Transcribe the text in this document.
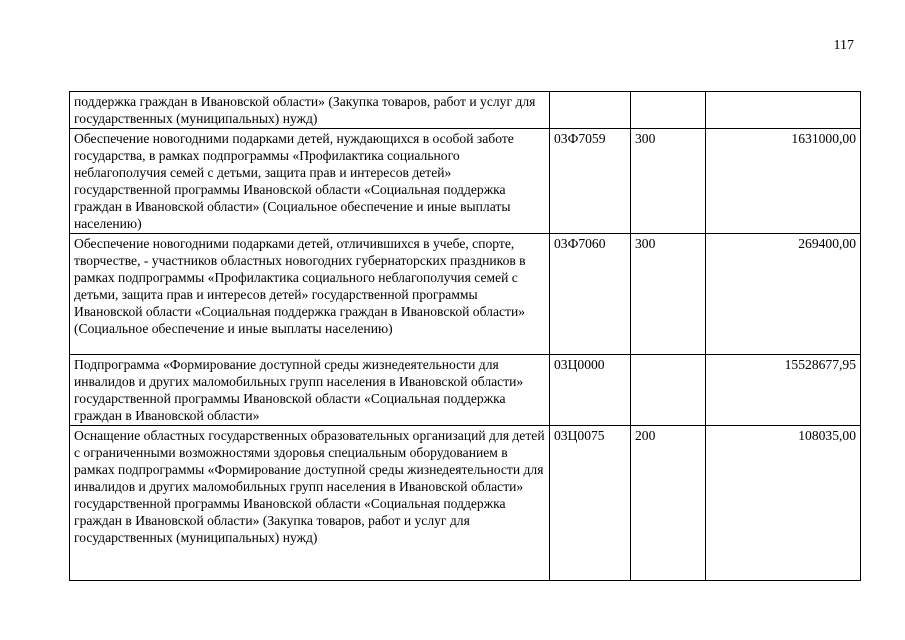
117
поддержка граждан в Ивановской области» (Закупка товаров, работ и услуг для государственных (муниципальных) нужд)			
Обеспечение новогодними подарками детей, нуждающихся в особой заботе государства, в рамках подпрограммы «Профилактика социального неблагополучия семей с детьми, защита прав и интересов детей» государственной программы Ивановской области «Социальная поддержка граждан в Ивановской области» (Социальное обеспечение и иные выплаты населению)	03Ф7059	300	1631000,00
Обеспечение новогодними подарками детей, отличившихся в учебе, спорте, творчестве, - участников областных новогодних губернаторских праздников в рамках подпрограммы «Профилактика социального неблагополучия семей с детьми, защита прав и интересов детей» государственной программы Ивановской области «Социальная поддержка граждан в Ивановской области» (Социальное обеспечение и иные выплаты населению)	03Ф7060	300	269400,00
Подпрограмма «Формирование доступной среды жизнедеятельности для инвалидов и других маломобильных групп населения в Ивановской области» государственной программы Ивановской области «Социальная поддержка граждан в Ивановской области»	03Ц0000		15528677,95
Оснащение областных государственных образовательных организаций для детей с ограниченными возможностями здоровья специальным оборудованием в рамках подпрограммы «Формирование доступной среды жизнедеятельности для инвалидов и других маломобильных групп населения в Ивановской области» государственной программы Ивановской области «Социальная поддержка граждан в Ивановской области» (Закупка товаров, работ и услуг для государственных (муниципальных) нужд)	03Ц0075	200	108035,00
